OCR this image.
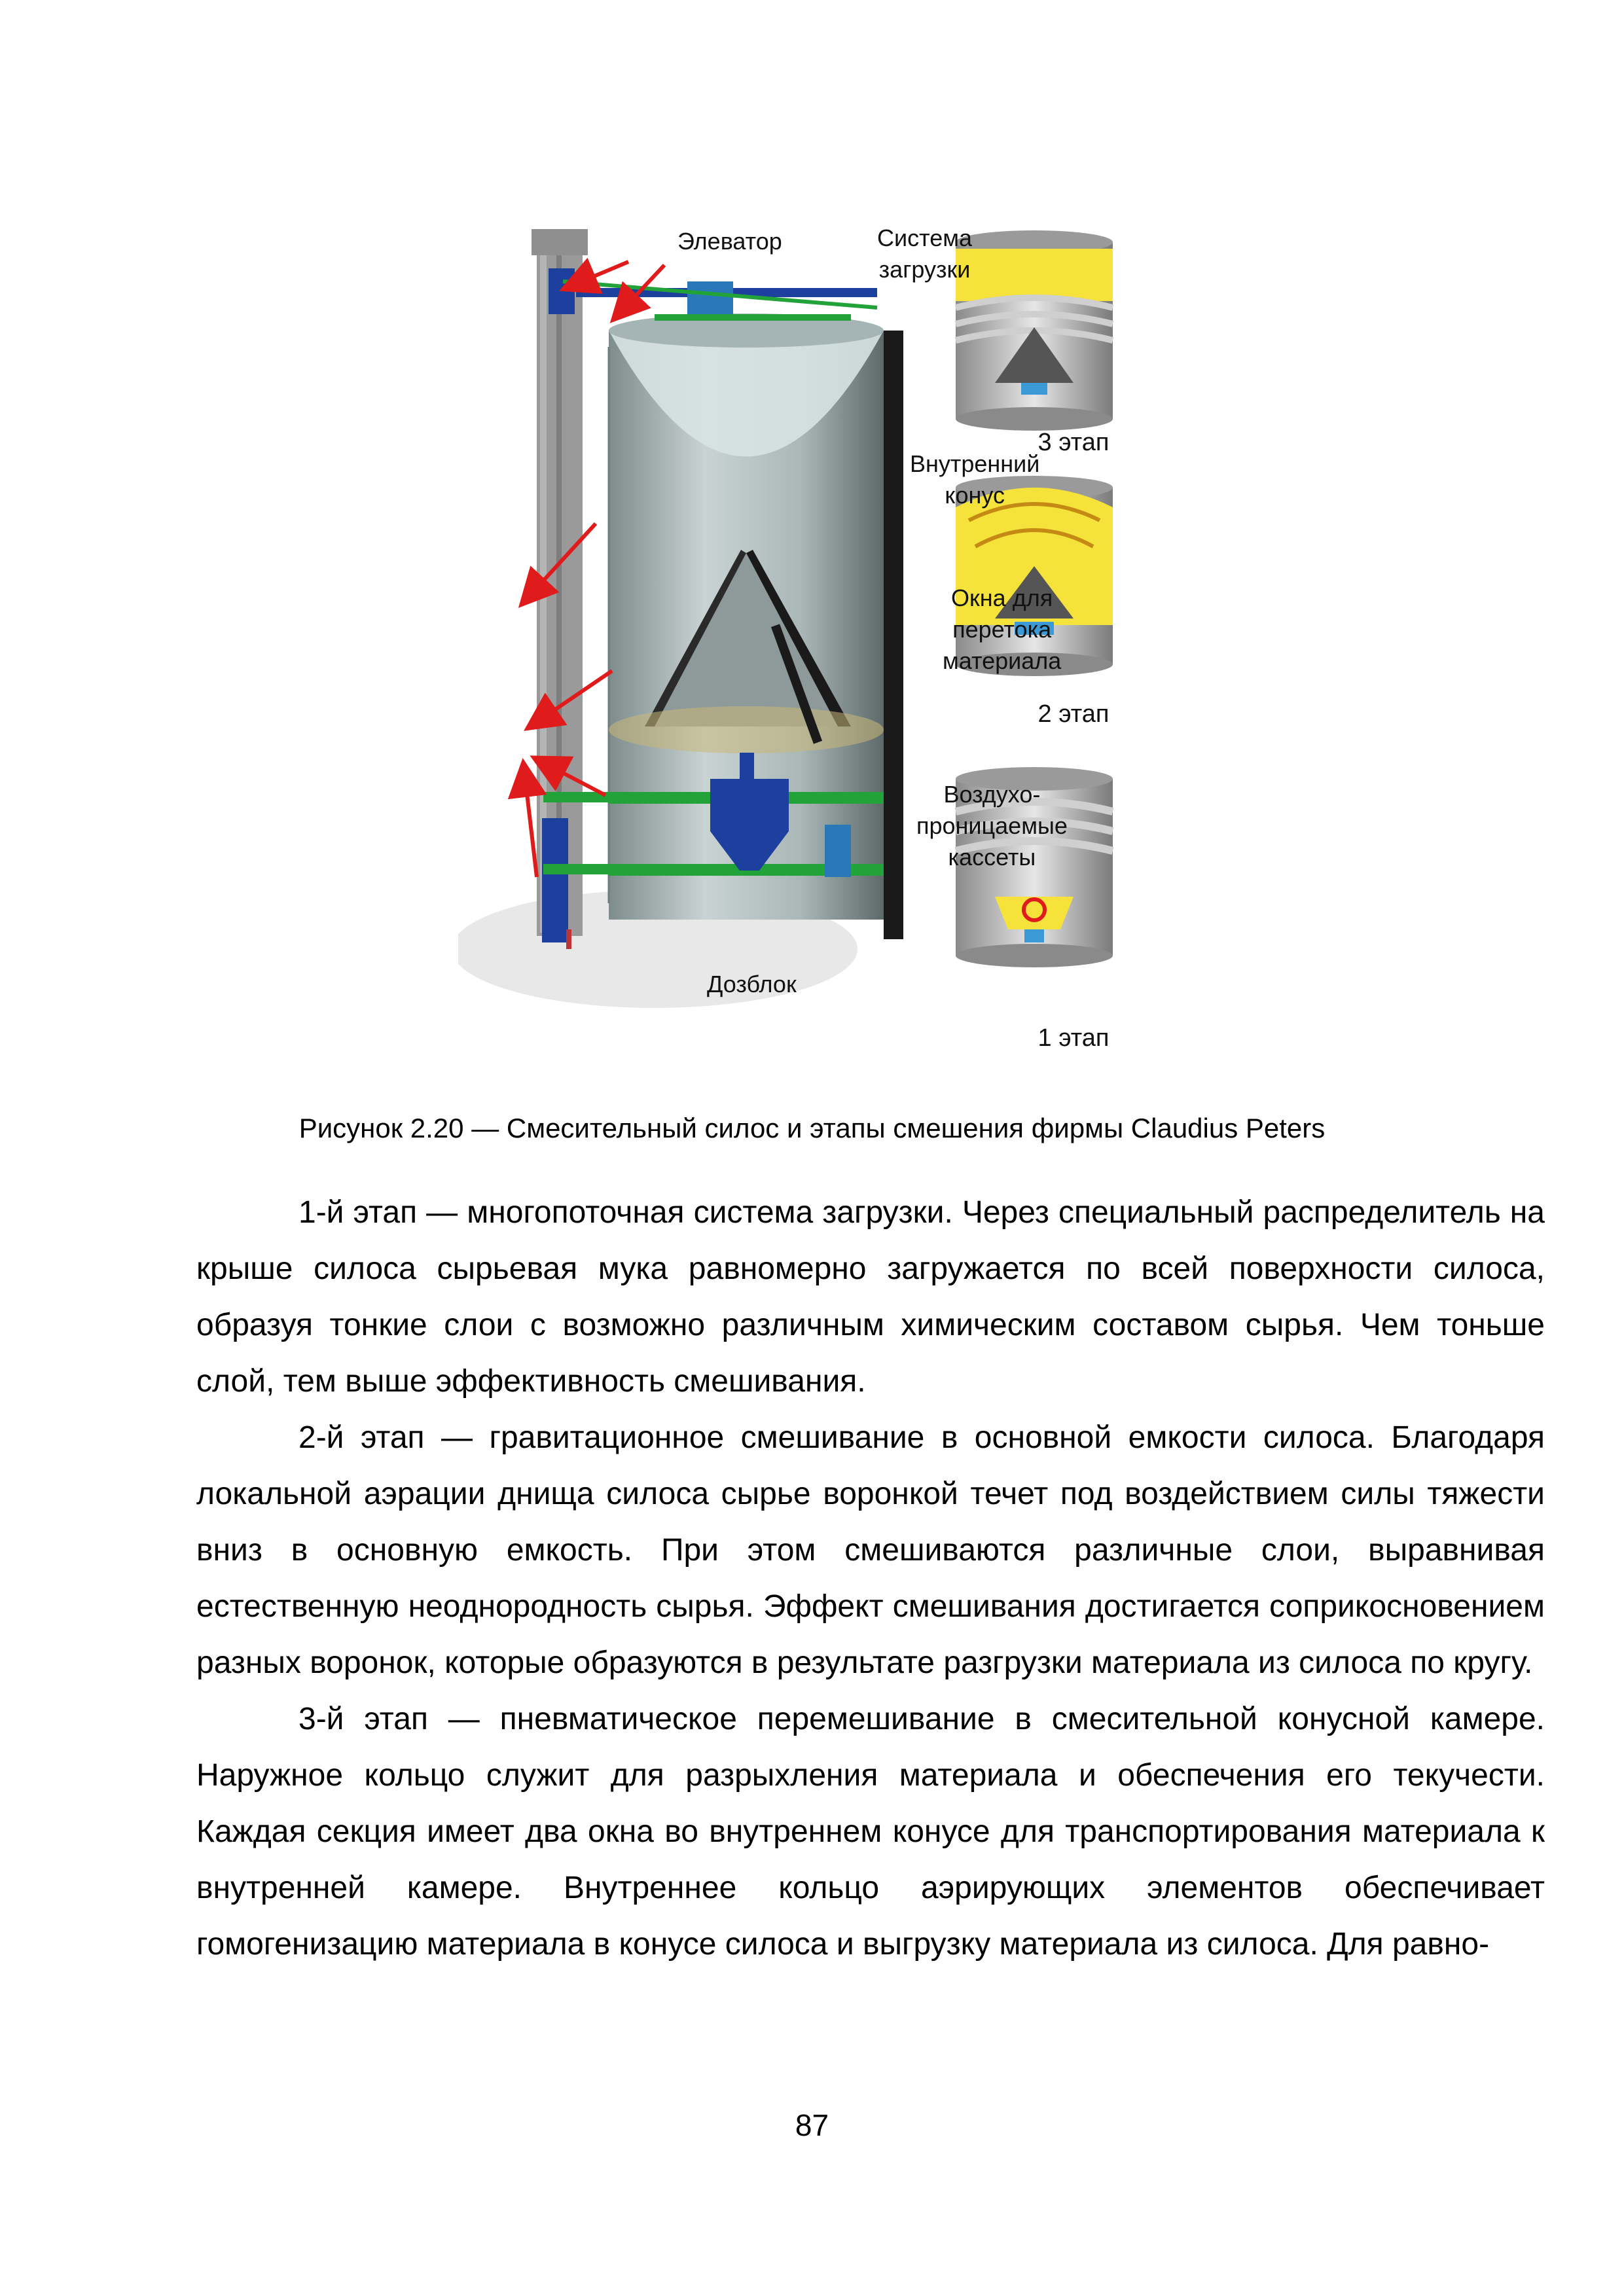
Элеватор	Система
загрузки
Внутренний
конус
Окна для
перетока
материала
Воздухо-
проницаемые
кассеты
Дозблок
3 этап
2 этап
1 этап
Рисунок 2.20 — Смесительный силос и этапы смешения фирмы Claudius Peters

1-й этап — многопоточная система загрузки. Через специальный распределитель на крыше силоса сырьевая мука равномерно загружается по всей поверхности силоса, образуя тонкие слои с возможно различным химическим составом сырья. Чем тоньше слой, тем выше эффективность смешивания.

2-й этап — гравитационное смешивание в основной емкости силоса. Благодаря локальной аэрации днища силоса сырье воронкой течет под воздействием силы тяжести вниз в основную емкость. При этом смешиваются различные слои, выравнивая естественную неоднородность сырья. Эффект смешивания достигается соприкосновением разных воронок, которые образуются в результате разгрузки материала из силоса по кругу.

3-й этап — пневматическое перемешивание в смесительной конусной камере. Наружное кольцо служит для разрыхления материала и обеспечения его текучести. Каждая секция имеет два окна во внутреннем конусе для транспортирования материала к внутренней камере. Внутреннее кольцо аэрирующих элементов обеспечивает гомогенизацию материала в конусе силоса и выгрузку материала из силоса. Для равно-

87
